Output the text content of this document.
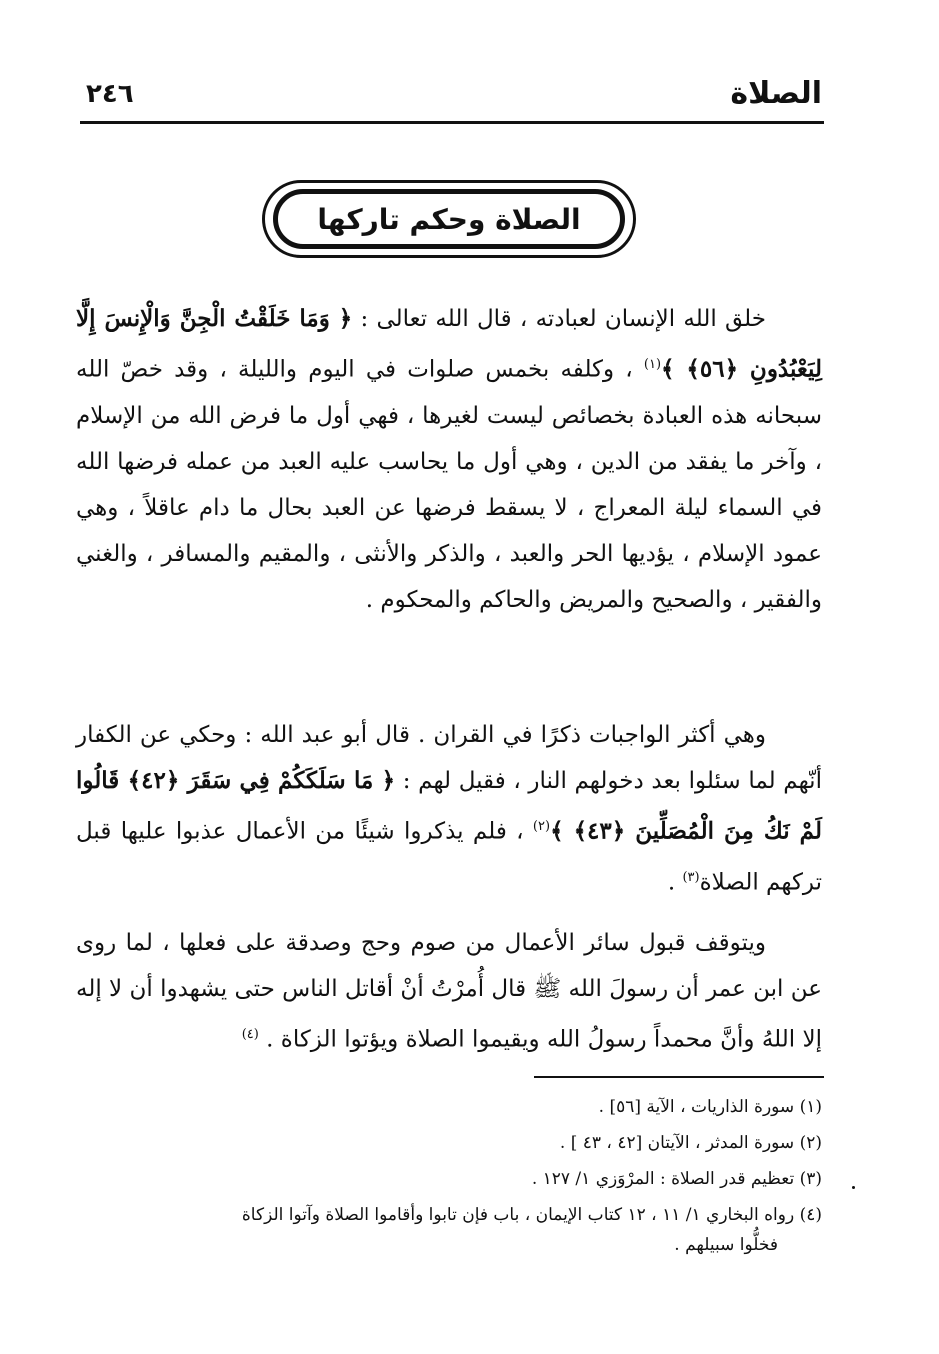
٢٤٦	الصلاة
الصلاة وحكم تاركها

خلق الله الإنسان لعبادته ، قال الله تعالى : ﴿ وَمَا خَلَقْتُ الْجِنَّ وَالْإِنسَ إِلَّا لِيَعْبُدُونِ ﴿٥٦﴾ ﴾$^{(١)}$ ، وكلفه بخمس صلوات في اليوم والليلة ، وقد خصّ الله سبحانه هذه العبادة بخصائص ليست لغيرها ، فهي أول ما فرض الله من الإسلام ، وآخر ما يفقد من الدين ، وهي أول ما يحاسب عليه العبد من عمله فرضها الله في السماء ليلة المعراج ، لا يسقط فرضها عن العبد بحال ما دام عاقلاً ، وهي عمود الإسلام ، يؤديها الحر والعبد ، والذكر والأنثى ، والمقيم والمسافر ، والغني والفقير ، والصحيح والمريض والحاكم والمحكوم .

وهي أكثر الواجبات ذكرًا في القران . قال أبو عبد الله : وحكي عن الكفار أنّهم لما سئلوا بعد دخولهم النار ، فقيل لهم : ﴿ مَا سَلَكَكُمْ فِي سَقَرَ ﴿٤٢﴾ قَالُوا لَمْ نَكُ مِنَ الْمُصَلِّينَ ﴿٤٣﴾ ﴾$^{(٢)}$ ، فلم يذكروا شيئًا من الأعمال عذبوا عليها قبل تركهم الصلاة$^{(٣)}$ .

ويتوقف قبول سائر الأعمال من صوم وحج وصدقة على فعلها ، لما روى عن ابن عمر أن رسولَ الله ﷺ قال أُمرْتُ أنْ أقاتل الناس حتى يشهدوا أن لا إله إلا اللهُ وأنَّ محمداً رسولُ الله ويقيموا الصلاة ويؤتوا الزكاة . $^{(٤)}$

(١) سورة الذاريات ، الآية [٥٦] .

(٢) سورة المدثر ، الآيتان [٤٢ ، ٤٣ ] .

(٣) تعظيم قدر الصلاة : المرْوَزي ١/ ١٢٧ .

(٤) رواه البخاري ١/ ١١ ، ١٢ كتاب الإيمان ، باب فإن تابوا وأقاموا الصلاة وآتوا الزكاة
فخلُّوا سبيلهم .
